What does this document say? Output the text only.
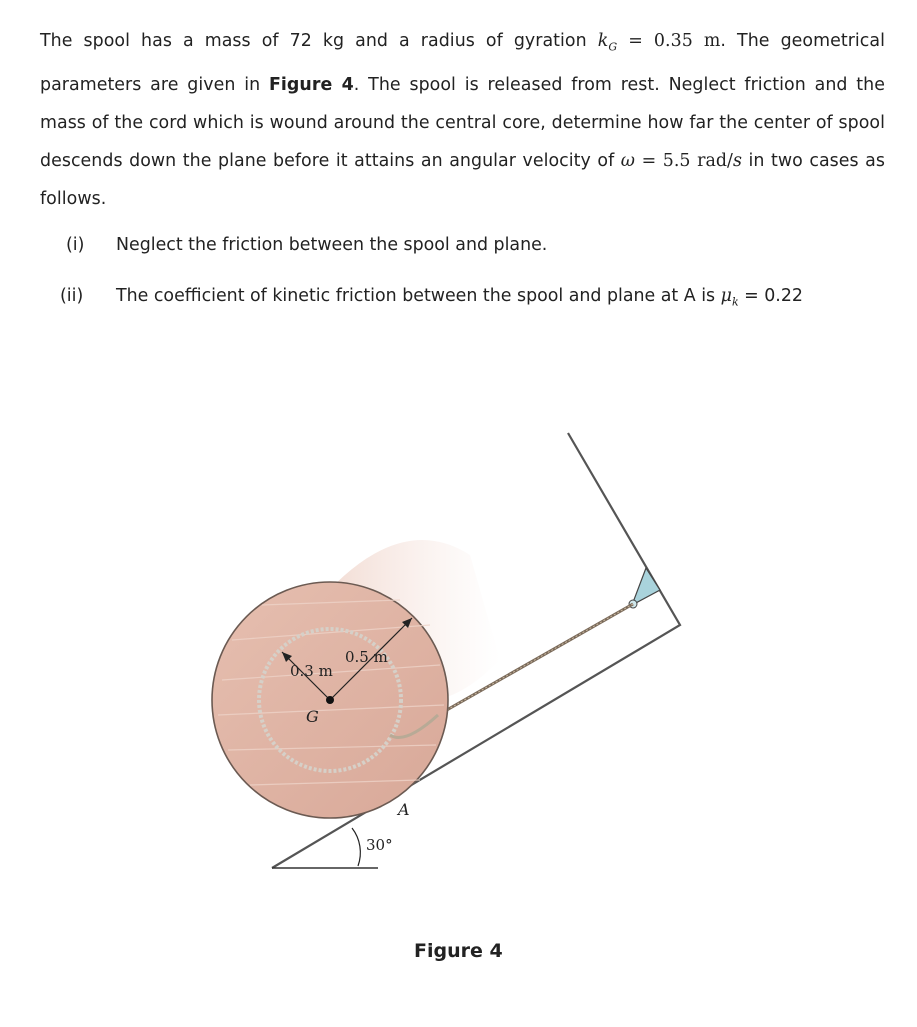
The spool has a mass of 72 kg and a radius of gyration $k_G = 0.35$ m. The geometrical parameters are given in Figure 4. The spool is released from rest. Neglect friction and the mass of the cord which is wound around the central core, determine how far the center of spool descends down the plane before it attains an angular velocity of ω = 5.5 rad/s in two cases as follows.
(i) Neglect the friction between the spool and plane.
(ii) The coefficient of kinetic friction between the spool and plane at A is $\mu_k = 0.22$
0.5 m
0.3 m
G
A
30°
Figure 4
